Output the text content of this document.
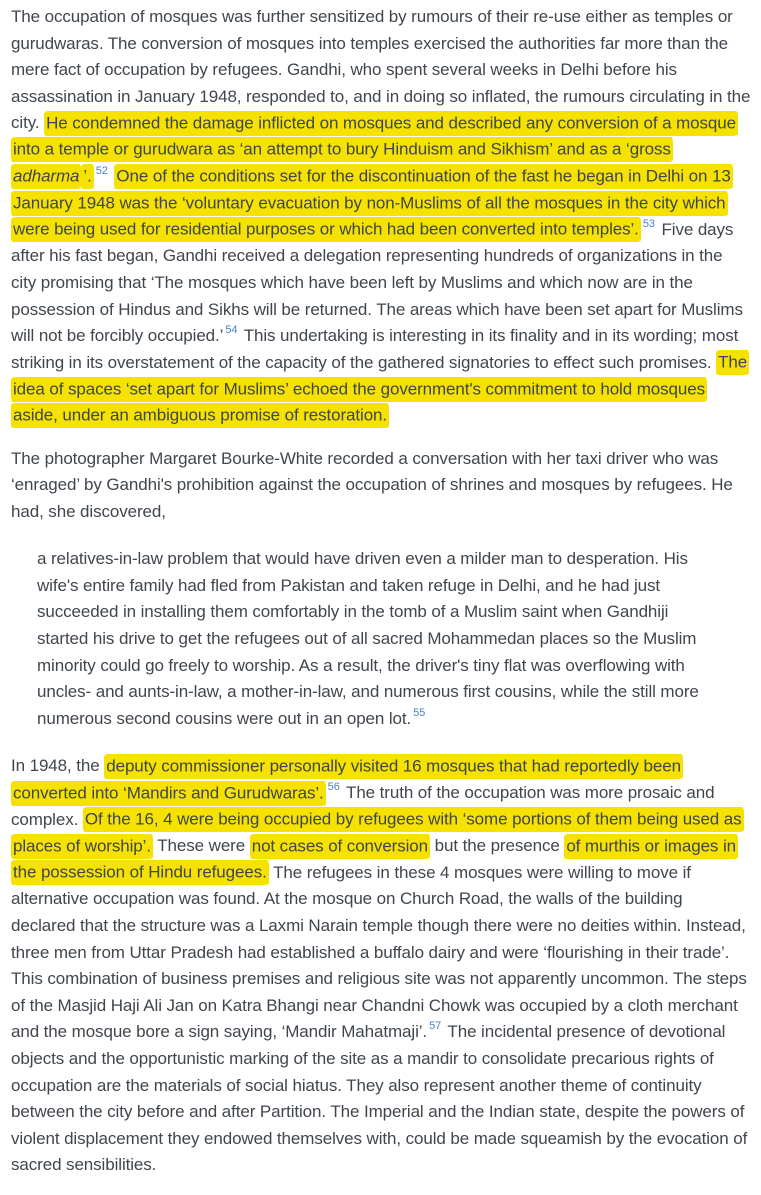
The occupation of mosques was further sensitized by rumours of their re-use either as temples or gurudwaras. The conversion of mosques into temples exercised the authorities far more than the mere fact of occupation by refugees. Gandhi, who spent several weeks in Delhi before his assassination in January 1948, responded to, and in doing so inflated, the rumours circulating in the city. He condemned the damage inflicted on mosques and described any conversion of a mosque into a temple or gurudwara as ‘an attempt to bury Hinduism and Sikhism’ and as a ‘gross adharma ’. $^{52}$ One of the conditions set for the discontinuation of the fast he began in Delhi on 13 January 1948 was the ‘voluntary evacuation by non-Muslims of all the mosques in the city which were being used for residential purposes or which had been converted into temples’. $^{53}$ Five days after his fast began, Gandhi received a delegation representing hundreds of organizations in the city promising that ‘The mosques which have been left by Muslims and which now are in the possession of Hindus and Sikhs will be returned. The areas which have been set apart for Muslims will not be forcibly occupied.’ $^{54}$ This undertaking is interesting in its finality and in its wording; most striking in its overstatement of the capacity of the gathered signatories to effect such promises. The idea of spaces ‘set apart for Muslims’ echoed the government's commitment to hold mosques aside, under an ambiguous promise of restoration.

The photographer Margaret Bourke-White recorded a conversation with her taxi driver who was ‘enraged’ by Gandhi's prohibition against the occupation of shrines and mosques by refugees. He had, she discovered,

a relatives-in-law problem that would have driven even a milder man to desperation. His wife's entire family had fled from Pakistan and taken refuge in Delhi, and he had just succeeded in installing them comfortably in the tomb of a Muslim saint when Gandhiji started his drive to get the refugees out of all sacred Mohammedan places so the Muslim minority could go freely to worship. As a result, the driver's tiny flat was overflowing with uncles- and aunts-in-law, a mother-in-law, and numerous first cousins, while the still more numerous second cousins were out in an open lot. $^{55}$

In 1948, the deputy commissioner personally visited 16 mosques that had reportedly been converted into ‘Mandirs and Gurudwaras’. $^{56}$ The truth of the occupation was more prosaic and complex. Of the 16, 4 were being occupied by refugees with ‘some portions of them being used as places of worship’. These were not cases of conversion but the presence of murthis or images in the possession of Hindu refugees. The refugees in these 4 mosques were willing to move if alternative occupation was found. At the mosque on Church Road, the walls of the building declared that the structure was a Laxmi Narain temple though there were no deities within. Instead, three men from Uttar Pradesh had established a buffalo dairy and were ‘flourishing in their trade’. This combination of business premises and religious site was not apparently uncommon. The steps of the Masjid Haji Ali Jan on Katra Bhangi near Chandni Chowk was occupied by a cloth merchant and the mosque bore a sign saying, ‘Mandir Mahatmaji’. $^{57}$ The incidental presence of devotional objects and the opportunistic marking of the site as a mandir to consolidate precarious rights of occupation are the materials of social hiatus. They also represent another theme of continuity between the city before and after Partition. The Imperial and the Indian state, despite the powers of violent displacement they endowed themselves with, could be made squeamish by the evocation of sacred sensibilities.
